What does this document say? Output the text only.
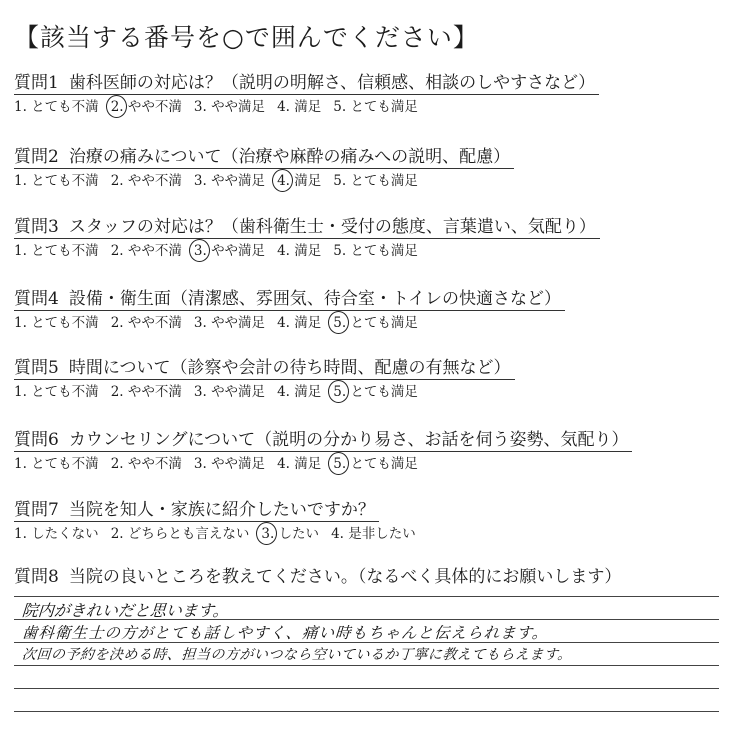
【該当する番号を○で囲んでください】
質問1 歯科医師の対応は？（説明の明解さ、信頼感、相談のしやすさなど）
1. とても不満 2. やや不満 3. やや満足 4. 満足 5. とても満足
質問2 治療の痛みについて（治療や麻酔の痛みへの説明、配慮）
1. とても不満 2. やや不満 3. やや満足 4. 満足 5. とても満足
質問3 スタッフの対応は？（歯科衛生士・受付の態度、言葉遣い、気配り）
1. とても不満 2. やや不満 3. やや満足 4. 満足 5. とても満足
質問4 設備・衛生面（清潔感、雰囲気、待合室・トイレの快適さなど）
1. とても不満 2. やや不満 3. やや満足 4. 満足 5. とても満足
質問5 時間について（診察や会計の待ち時間、配慮の有無など）
1. とても不満 2. やや不満 3. やや満足 4. 満足 5. とても満足
質問6 カウンセリングについて（説明の分かり易さ、お話を伺う姿勢、気配り）
1. とても不満 2. やや不満 3. やや満足 4. 満足 5. とても満足
質問7 当院を知人・家族に紹介したいですか？
1. したくない 2. どちらとも言えない 3. したい 4. 是非したい
質問8 当院の良いところを教えてください。（なるべく具体的にお願いします）
院内がきれいだと思います。
歯科衛生士の方がとても話しやすく、痛い時もちゃんと伝えられます。
次回の予約を決める時、担当の方がいつなら空いているか丁寧に教えてもらえます。
